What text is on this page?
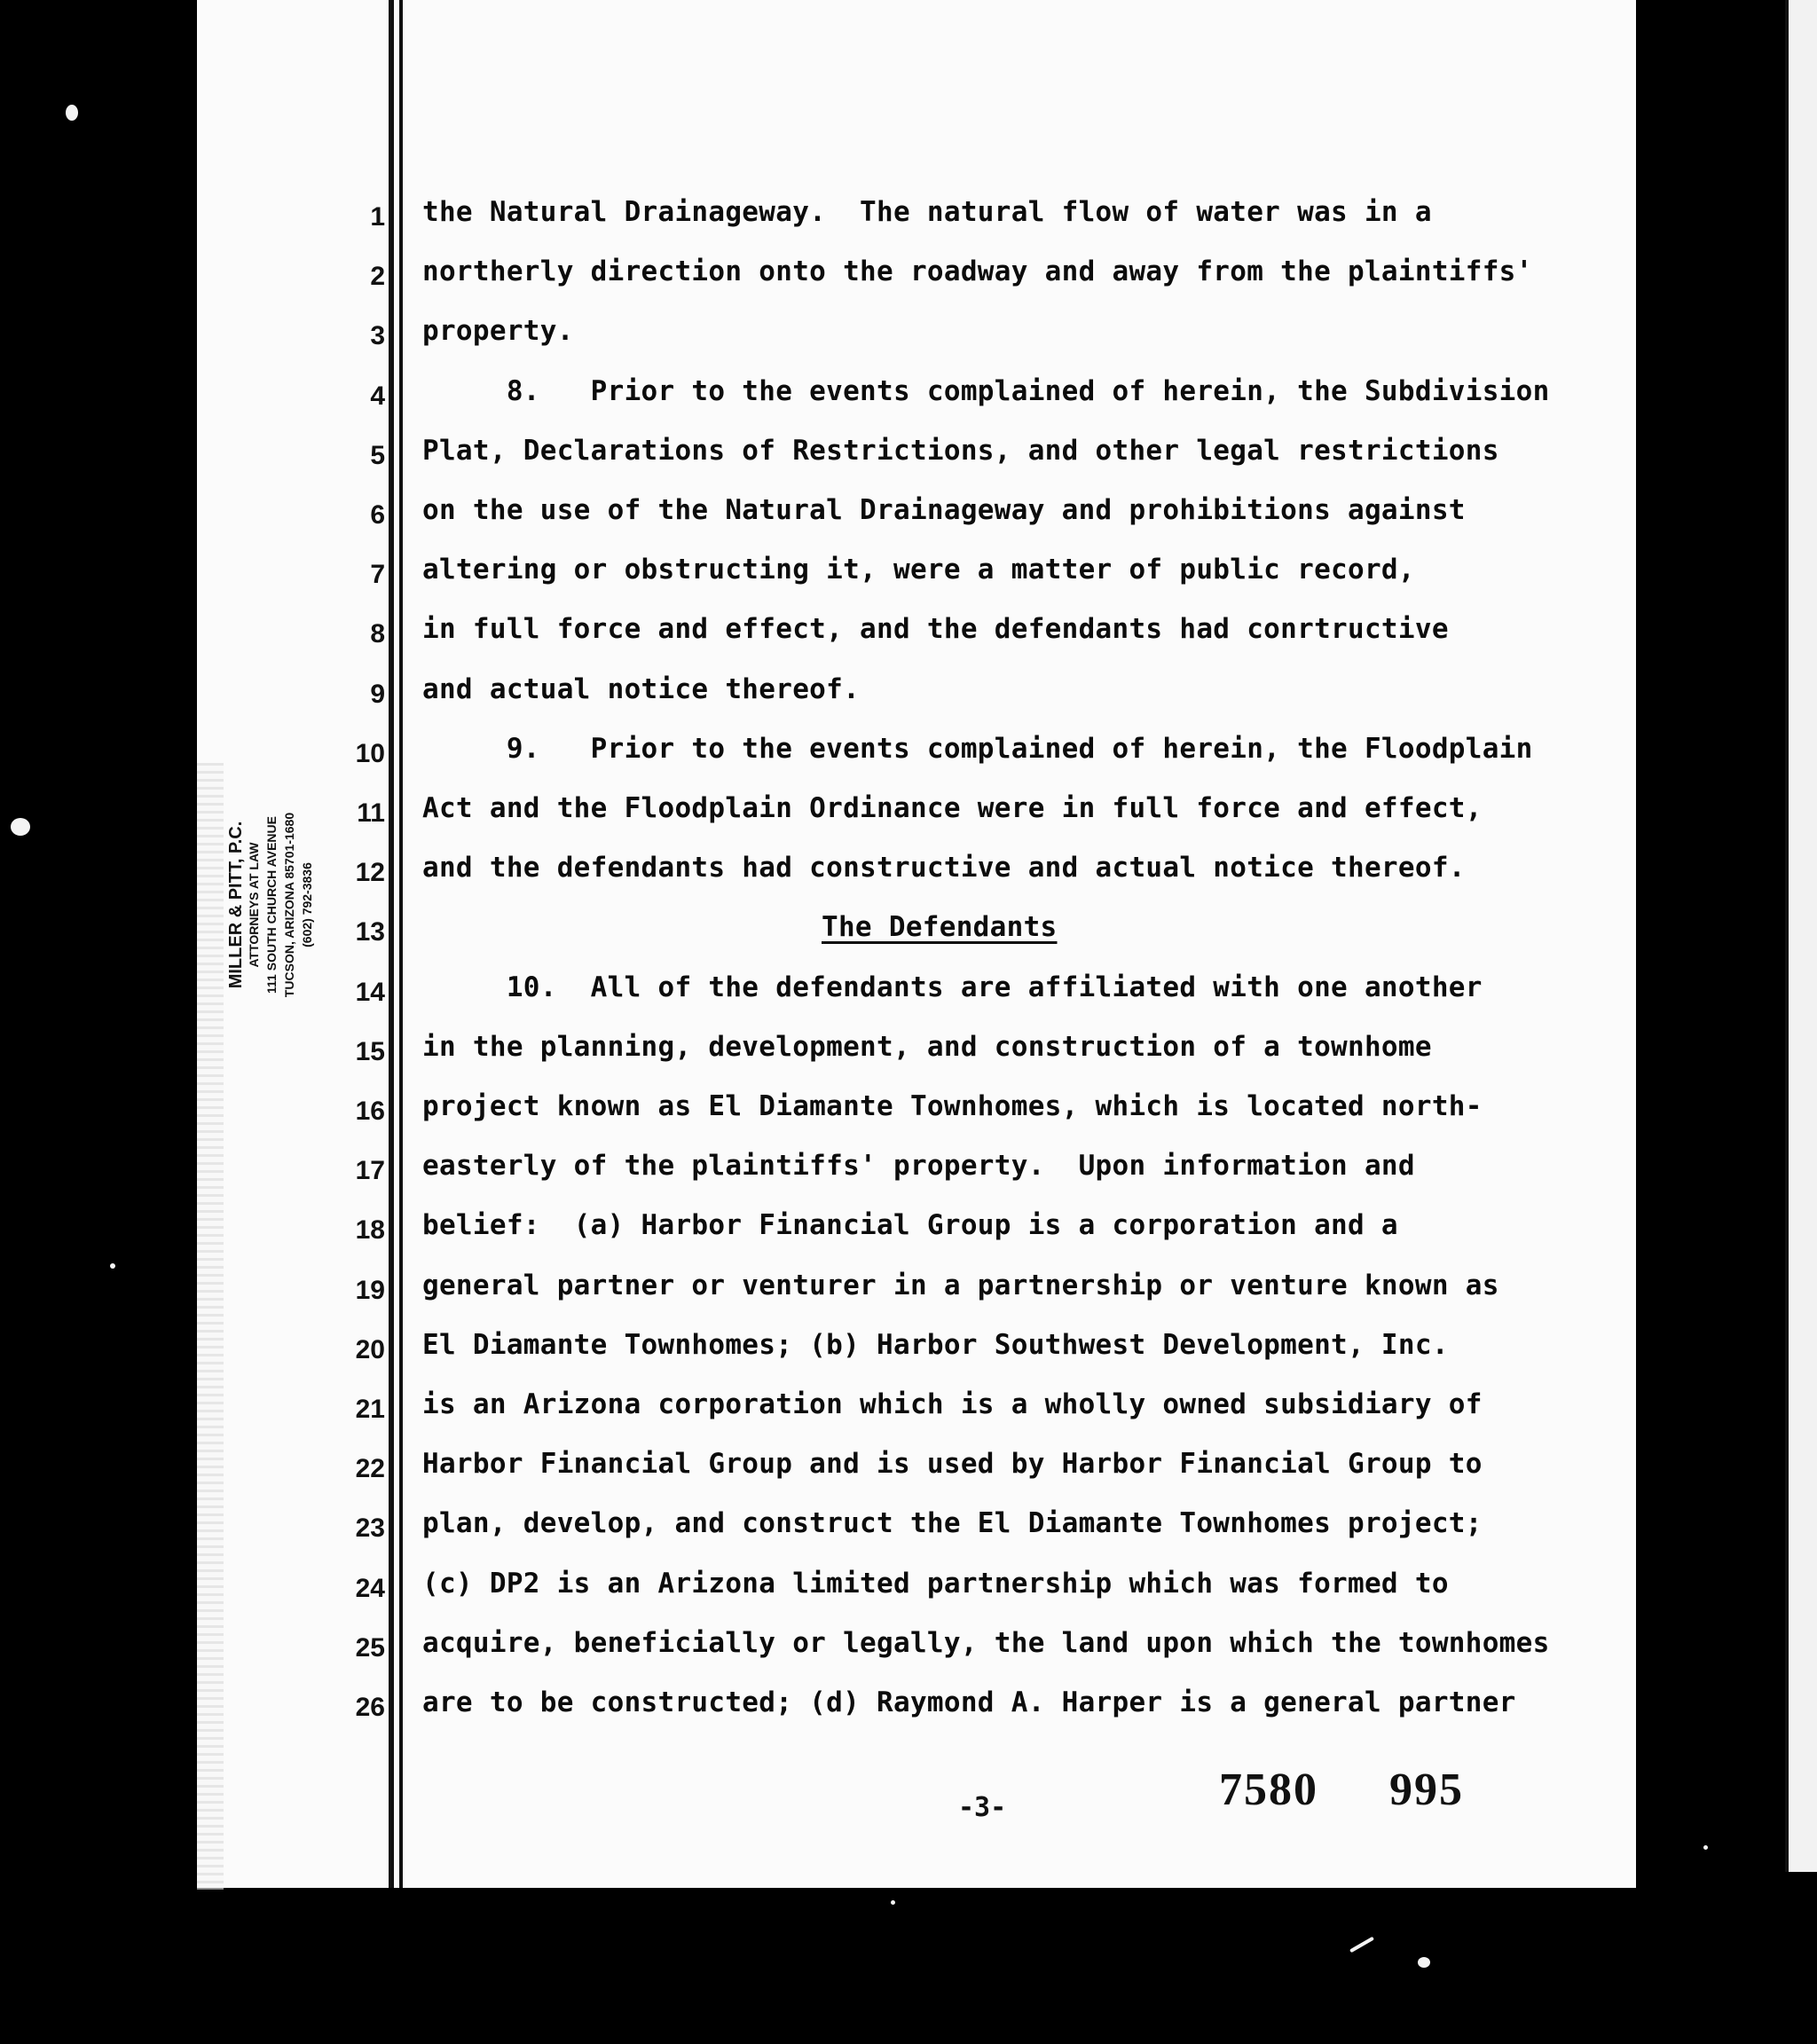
MILLER & PITT, P.C. ATTORNEYS AT LAW 111 SOUTH CHURCH AVENUE TUCSON, ARIZONA 85701-1680 (602) 792-3836
1
2
3
4
5
6
7
8
9
10
11
12
13
14
15
16
17
18
19
20
21
22
23
24
25
26
the Natural Drainageway.  The natural flow of water was in a
northerly direction onto the roadway and away from the plaintiffs'
property.
8.   Prior to the events complained of herein, the Subdivision
Plat, Declarations of Restrictions, and other legal restrictions
on the use of the Natural Drainageway and prohibitions against
altering or obstructing it, were a matter of public record,
in full force and effect, and the defendants had conrtructive
and actual notice thereof.
9.   Prior to the events complained of herein, the Floodplain
Act and the Floodplain Ordinance were in full force and effect,
and the defendants had constructive and actual notice thereof.
The Defendants
10.  All of the defendants are affiliated with one another
in the planning, development, and construction of a townhome
project known as El Diamante Townhomes, which is located north-
easterly of the plaintiffs' property.  Upon information and
belief:  (a) Harbor Financial Group is a corporation and a
general partner or venturer in a partnership or venture known as
El Diamante Townhomes; (b) Harbor Southwest Development, Inc.
is an Arizona corporation which is a wholly owned subsidiary of
Harbor Financial Group and is used by Harbor Financial Group to
plan, develop, and construct the El Diamante Townhomes project;
(c) DP2 is an Arizona limited partnership which was formed to
acquire, beneficially or legally, the land upon which the townhomes
are to be constructed; (d) Raymond A. Harper is a general partner
-3-	7580 995
